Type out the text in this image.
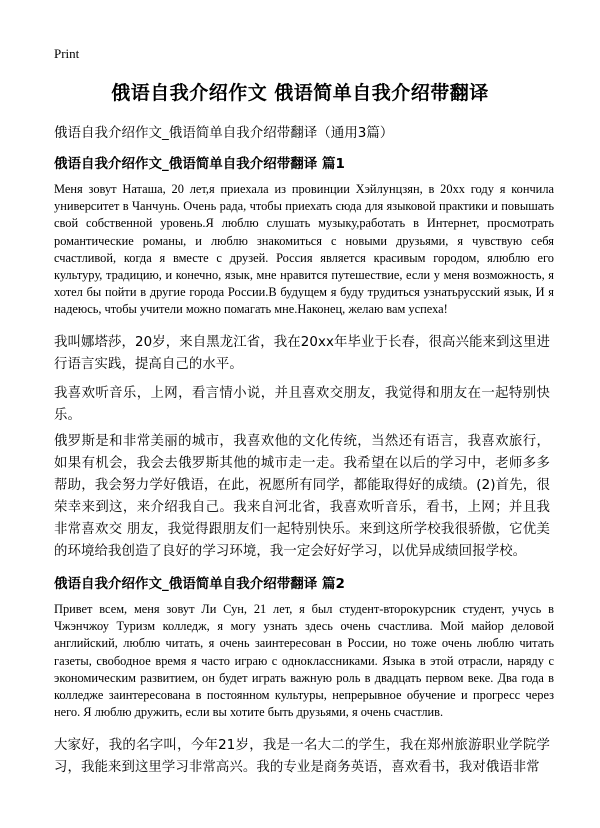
Print
俄语自我介绍作文 俄语简单自我介绍带翻译
俄语自我介绍作文_俄语简单自我介绍带翻译（通用3篇）
俄语自我介绍作文_俄语简单自我介绍带翻译 篇1
Меня зовут Наташа, 20 лет,я приехала из провинции Хэйлунцзян, в 20xx году я кончила университет в Чанчунь. Очень рада, чтобы приехать сюда для языковой практики и повышать свой собственной уровень.Я люблю слушать музыку,работать в Интернет, просмотрать романтические романы, и люблю знакомиться с новыми друзьями, я чувствую себя счастливой, когда я вместе с друзей. Россия является красивым городом, ялюблю его культуру, традицию, и конечно, язык, мне нравится путешествие, если у меня возможность, я хотел бы пойти в другие города России.В будущем я буду трудиться узнатьрусский язык, И я надеюсь, чтобы учители можно помагать мне.Наконец, желаю вам успеха!
我叫娜塔莎，20岁，来自黑龙江省，我在20xx年毕业于长春，很高兴能来到这里进行语言实践，提高自己的水平。
我喜欢听音乐，上网，看言情小说，并且喜欢交朋友，我觉得和朋友在一起特别快乐。
俄罗斯是和非常美丽的城市，我喜欢他的文化传统，当然还有语言，我喜欢旅行，如果有机会，我会去俄罗斯其他的城市走一走。我希望在以后的学习中，老师多多帮助，我会努力学好俄语，在此，祝愿所有同学，都能取得好的成绩。(2)首先，很荣幸来到这，来介绍我自己。我来自河北省，我喜欢听音乐，看书，上网；并且我非常喜欢交 朋友，我觉得跟朋友们一起特别快乐。来到这所学校我很骄傲，它优美的环境给我创造了良好的学习环境，我一定会好好学习，以优异成绩回报学校。
俄语自我介绍作文_俄语简单自我介绍带翻译 篇2
Привет всем, меня зовут Ли Сун, 21 лет, я был студент-второкурсник студент, учусь в Чжэнчжоу Туризм колледж, я могу узнать здесь очень счастлива. Мой майор деловой английский, люблю читать, я очень заинтересован в России, но тоже очень люблю читать газеты, свободное время я часто играю с одноклассниками. Языка в этой отрасли, наряду с экономическим развитием, он будет играть важную роль в двадцать первом веке. Два года в колледже заинтересована в постоянном культуры, непрерывное обучение и прогресс через него. Я люблю дружить, если вы хотите быть друзьями, я очень счастлив.
大家好，我的名字叫，今年21岁，我是一名大二的学生，我在郑州旅游职业学院学习，我能来到这里学习非常高兴。我的专业是商务英语，喜欢看书，我对俄语非常
